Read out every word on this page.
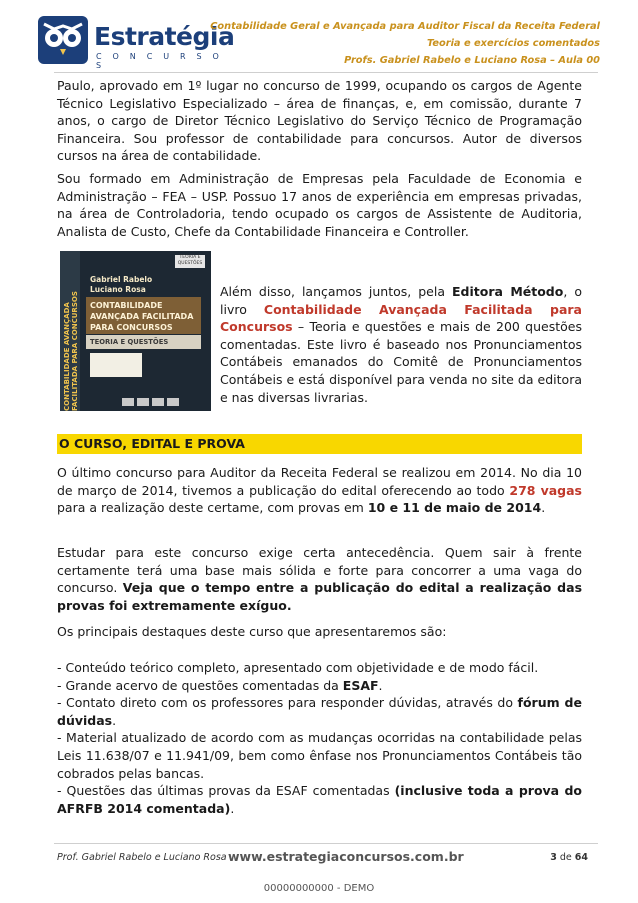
Estratégia
C O N C U R S O S
Contabilidade Geral e Avançada para Auditor Fiscal da Receita Federal
Teoria e exercícios comentados
Profs. Gabriel Rabelo e Luciano Rosa – Aula 00

Paulo, aprovado em 1º lugar no concurso de 1999, ocupando os cargos de Agente Técnico Legislativo Especializado – área de finanças, e, em comissão, durante 7 anos, o cargo de Diretor Técnico Legislativo do Serviço Técnico de Programação Financeira. Sou professor de contabilidade para concursos. Autor de diversos cursos na área de contabilidade.

Sou formado em Administração de Empresas pela Faculdade de Economia e Administração – FEA – USP. Possuo 17 anos de experiência em empresas privadas, na área de Controladoria, tendo ocupado os cargos de Assistente de Auditoria, Analista de Custo, Chefe da Contabilidade Financeira e Controller.

CONTABILIDADE AVANÇADA FACILITADA PARA CONCURSOS
TEORIA E QUESTÕES
Gabriel Rabelo
Luciano Rosa
CONTABILIDADE AVANÇADA FACILITADA PARA CONCURSOS
TEORIA E QUESTÕES

Além disso, lançamos juntos, pela Editora Método, o livro Contabilidade Avançada Facilitada para Concursos – Teoria e questões e mais de 200 questões comentadas. Este livro é baseado nos Pronunciamentos Contábeis emanados do Comitê de Pronunciamentos Contábeis e está disponível para venda no site da editora e nas diversas livrarias.

O CURSO, EDITAL E PROVA

O último concurso para Auditor da Receita Federal se realizou em 2014. No dia 10 de março de 2014, tivemos a publicação do edital oferecendo ao todo 278 vagas para a realização deste certame, com provas em 10 e 11 de maio de 2014.

Estudar para este concurso exige certa antecedência. Quem sair à frente certamente terá uma base mais sólida e forte para concorrer a uma vaga do concurso. Veja que o tempo entre a publicação do edital a realização das provas foi extremamente exíguo.

Os principais destaques deste curso que apresentaremos são:

- Conteúdo teórico completo, apresentado com objetividade e de modo fácil.

- Grande acervo de questões comentadas da ESAF.

- Contato direto com os professores para responder dúvidas, através do fórum de dúvidas.

- Material atualizado de acordo com as mudanças ocorridas na contabilidade pelas Leis 11.638/07 e 11.941/09, bem como ênfase nos Pronunciamentos Contábeis tão cobrados pelas bancas.

- Questões das últimas provas da ESAF comentadas (inclusive toda a prova do AFRFB 2014 comentada).

Prof. Gabriel Rabelo e Luciano Rosa www.estrategiaconcursos.com.br	3 de 64
00000000000 - DEMO
